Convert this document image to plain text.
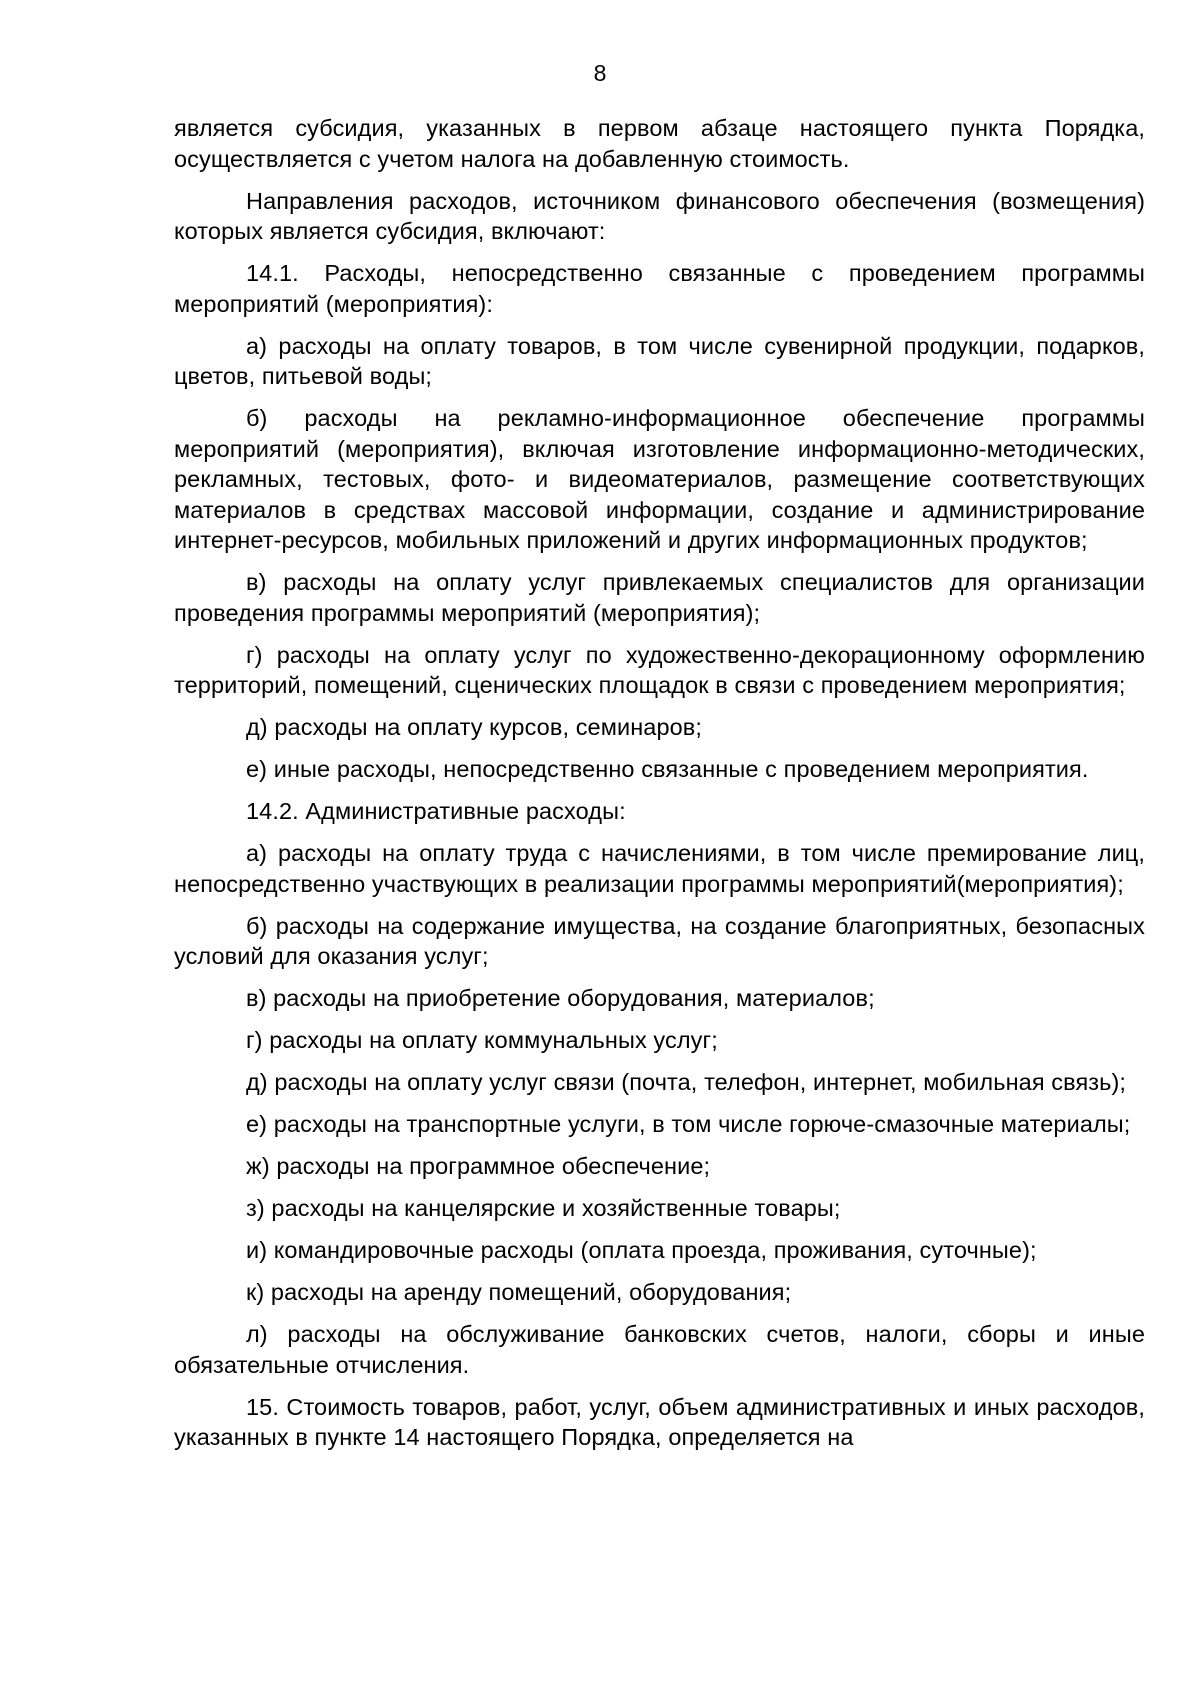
8

является субсидия, указанных в первом абзаце настоящего пункта Порядка, осуществляется с учетом налога на добавленную стоимость.

Направления расходов, источником финансового обеспечения (возмещения) которых является субсидия, включают:

14.1. Расходы, непосредственно связанные с проведением программы мероприятий (мероприятия):

а) расходы на оплату товаров, в том числе сувенирной продукции, подарков, цветов, питьевой воды;

б) расходы на рекламно-информационное обеспечение программы мероприятий (мероприятия), включая изготовление информационно-методических, рекламных, тестовых, фото- и видеоматериалов, размещение соответствующих материалов в средствах массовой информации, создание и администрирование интернет-ресурсов, мобильных приложений и других информационных продуктов;

в) расходы на оплату услуг привлекаемых специалистов для организации проведения программы мероприятий (мероприятия);

г) расходы на оплату услуг по художественно-декорационному оформлению территорий, помещений, сценических площадок в связи с проведением мероприятия;

д) расходы на оплату курсов, семинаров;

е) иные расходы, непосредственно связанные с проведением мероприятия.

14.2. Административные расходы:

а) расходы на оплату труда с начислениями, в том числе премирование лиц, непосредственно участвующих в реализации программы мероприятий(мероприятия);

б) расходы на содержание имущества, на создание благоприятных, безопасных условий для оказания услуг;

в) расходы на приобретение оборудования, материалов;

г) расходы на оплату коммунальных услуг;

д) расходы на оплату услуг связи (почта, телефон, интернет, мобильная связь);

е) расходы на транспортные услуги, в том числе горюче-смазочные материалы;

ж) расходы на программное обеспечение;

з) расходы на канцелярские и хозяйственные товары;

и) командировочные расходы (оплата проезда, проживания, суточные);

к) расходы на аренду помещений, оборудования;

л) расходы на обслуживание банковских счетов, налоги, сборы и иные обязательные отчисления.

15. Стоимость товаров, работ, услуг, объем административных и иных расходов, указанных в пункте 14 настоящего Порядка, определяется на
